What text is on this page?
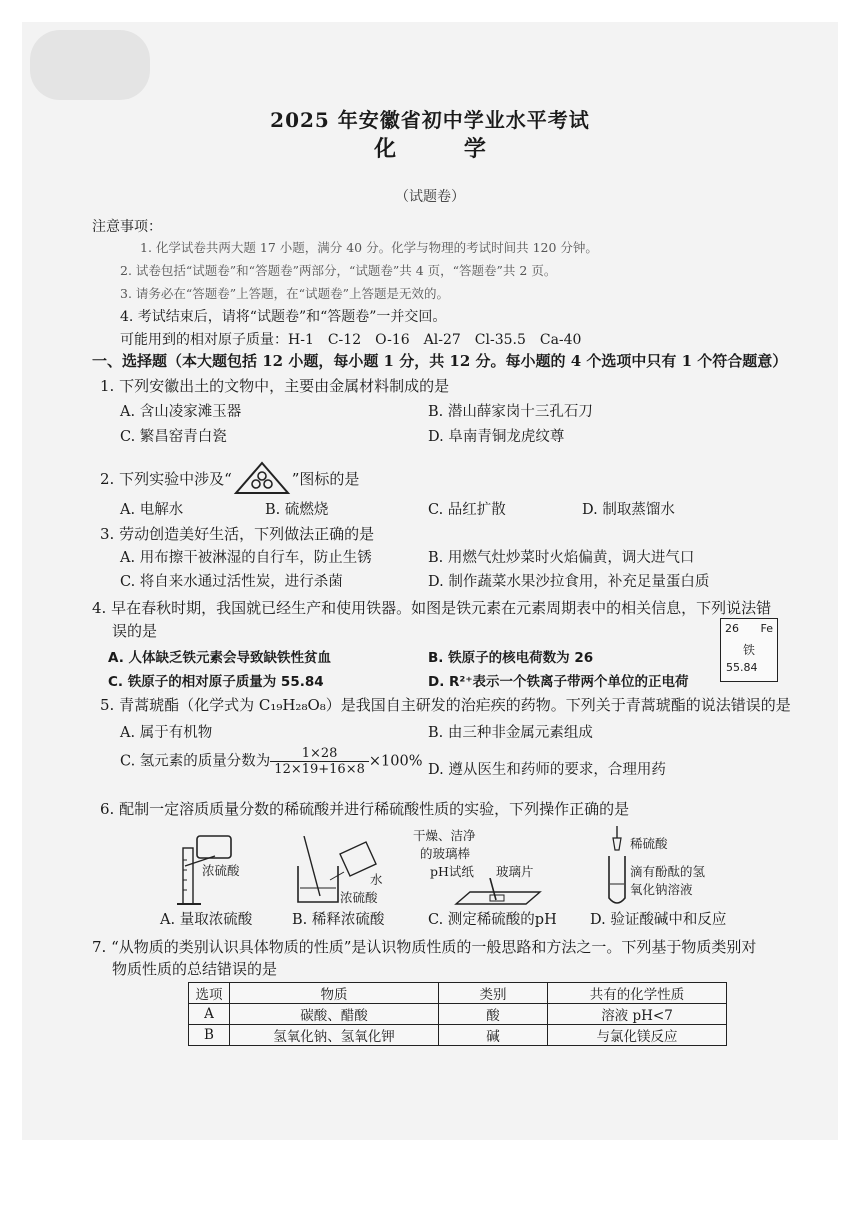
2025 年安徽省初中学业水平考试
化 学
（试题卷）
注意事项：
1. 化学试卷共两大题 17 小题，满分 40 分。化学与物理的考试时间共 120 分钟。
2. 试卷包括“试题卷”和“答题卷”两部分，“试题卷”共 4 页，“答题卷”共 2 页。
3. 请务必在“答题卷”上答题，在“试题卷”上答题是无效的。
4. 考试结束后，请将“试题卷”和“答题卷”一并交回。
可能用到的相对原子质量：H-1　C-12　O-16　Al-27　Cl-35.5　Ca-40
一、选择题（本大题包括 12 小题，每小题 1 分，共 12 分。每小题的 4 个选项中只有 1 个符合题意）
1. 下列安徽出土的文物中，主要由金属材料制成的是
A. 含山凌家滩玉器	B. 潜山薛家岗十三孔石刀
C. 繁昌窑青白瓷	D. 阜南青铜龙虎纹尊
2. 下列实验中涉及“	”图标的是
A. 电解水	B. 硫燃烧	C. 品红扩散	D. 制取蒸馏水
3. 劳动创造美好生活，下列做法正确的是
A. 用布擦干被淋湿的自行车，防止生锈	B. 用燃气灶炒菜时火焰偏黄，调大进气口
C. 将自来水通过活性炭，进行杀菌	D. 制作蔬菜水果沙拉食用，补充足量蛋白质
4. 早在春秋时期，我国就已经生产和使用铁器。如图是铁元素在元素周期表中的相关信息，下列说法错
误的是
A. 人体缺乏铁元素会导致缺铁性贫血	B. 铁原子的核电荷数为 26
C. 铁原子的相对原子质量为 55.84	D. R²⁺表示一个铁离子带两个单位的正电荷
26 Fe
铁
55.84
5. 青蒿琥酯（化学式为 C₁₉H₂₈O₈）是我国自主研发的治疟疾的药物。下列关于青蒿琥酯的说法错误的是
A. 属于有机物	B. 由三种非金属元素组成
C. 氢元素的质量分数为 $\frac{1\times 28}{12\times 19+16\times 8} \times 100\%$
D. 遵从医生和药师的要求，合理用药
6. 配制一定溶质质量分数的稀硫酸并进行稀硫酸性质的实验，下列操作正确的是
浓硫酸
水
浓硫酸
干燥、洁净
的玻璃棒
pH试纸 玻璃片
稀硫酸
滴有酚酞的氢
氧化钠溶液
A. 量取浓硫酸	B. 稀释浓硫酸	C. 测定稀硫酸的pH D. 验证酸碱中和反应
7. “从物质的类别认识具体物质的性质”是认识物质性质的一般思路和方法之一。下列基于物质类别对
物质性质的总结错误的是
选项	物质	类别	共有的化学性质
A	碳酸、醋酸	酸	溶液 pH<7
B	氢氧化钠、氢氧化钾	碱	与氯化镁反应
